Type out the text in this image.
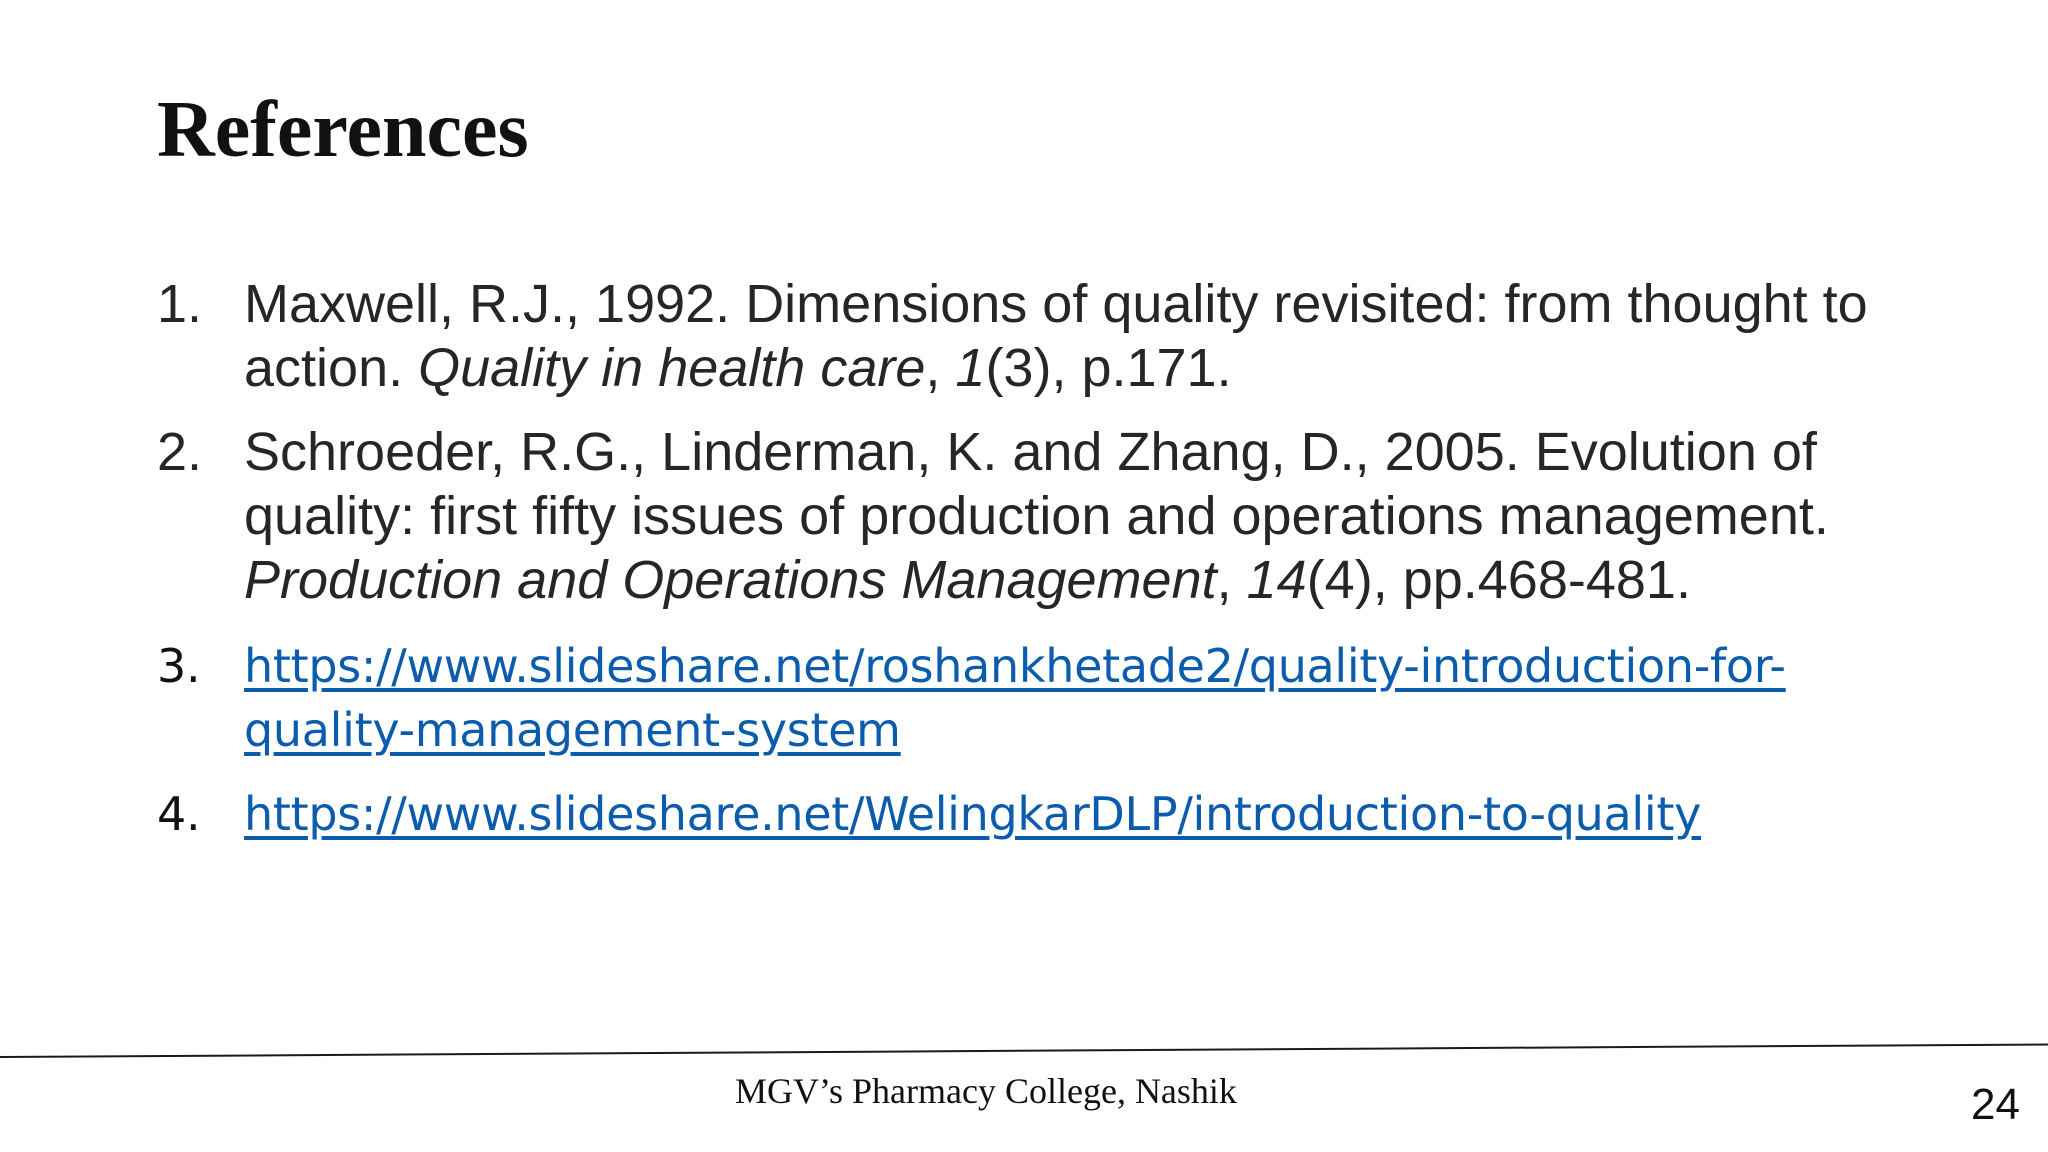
References
1. Maxwell, R.J., 1992. Dimensions of quality revisited: from thought to action. Quality in health care, 1(3), p.171.
2. Schroeder, R.G., Linderman, K. and Zhang, D., 2005. Evolution of quality: first fifty issues of production and operations management. Production and Operations Management, 14(4), pp.468-481.
3. https://www.slideshare.net/roshankhetade2/quality-introduction-for-quality-management-system
4. https://www.slideshare.net/WelingkarDLP/introduction-to-quality
MGV’s Pharmacy College, Nashik	24
